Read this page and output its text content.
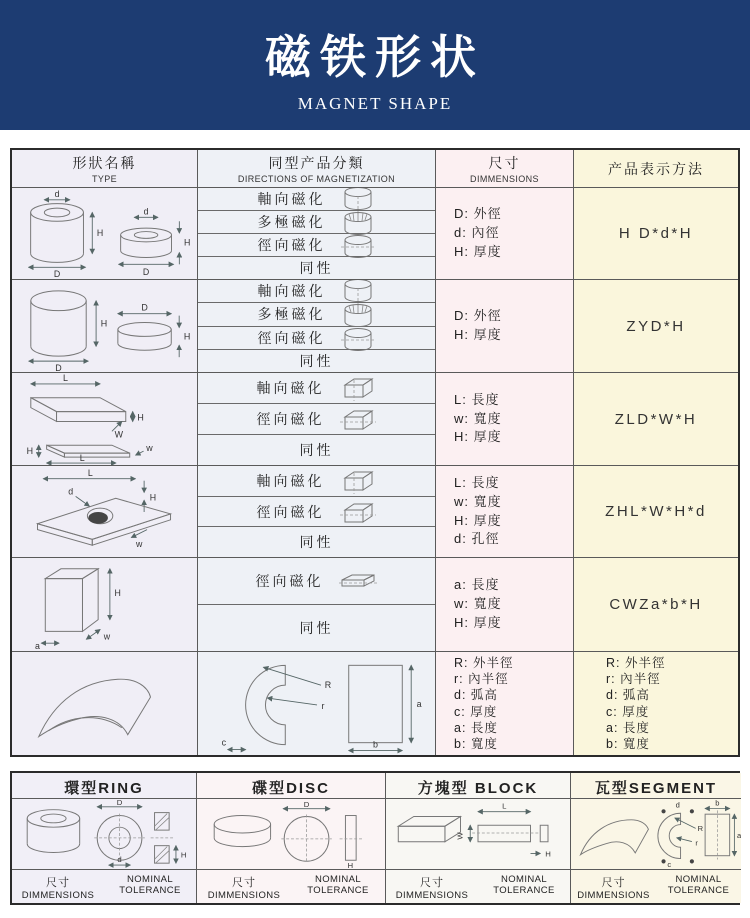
磁铁形状
MAGNET SHAPE
形狀名稱
TYPE
同型产品分類
DIRECTIONS OF MAGNETIZATION
尺寸
DIMMENSIONS
产品表示方法
d
H
D
d
H
D
軸向磁化
多極磁化
徑向磁化
同性
D: 外徑
d: 內徑
H: 厚度
H D*d*H
H
D
D
H
軸向磁化
多極磁化
徑向磁化
同性
D: 外徑
H: 厚度	ZYD*H
L
H
W
H	w
L
軸向磁化
徑向磁化
同性
L: 長度
w: 寬度
H: 厚度
ZLD*W*H
L
H
d
w
軸向磁化
徑向磁化
同性
L: 長度
w: 寬度
H: 厚度
d: 孔徑
ZHL*W*H*d
H
w
a
徑向磁化
同性
a: 長度
w: 寬度
H: 厚度
CWZa*b*H
R
r
c
a
b
R: 外半徑
r: 內半徑
d: 弧高
c: 厚度
a: 長度
b: 寬度
R: 外半徑
r: 內半徑
d: 弧高
c: 厚度
a: 長度
b: 寬度
環型RING
D
d
H
尺寸
DIMMENSIONS
NOMINAL
TOLERANCE
碟型DISC
D
H
尺寸
DIMMENSIONS
NOMINAL
TOLERANCE
方塊型 BLOCK
L
W
H
尺寸
DIMMENSIONS
NOMINAL
TOLERANCE
瓦型SEGMENT
d
R
r
c
b
a
尺寸
DIMMENSIONS
NOMINAL
TOLERANCE
